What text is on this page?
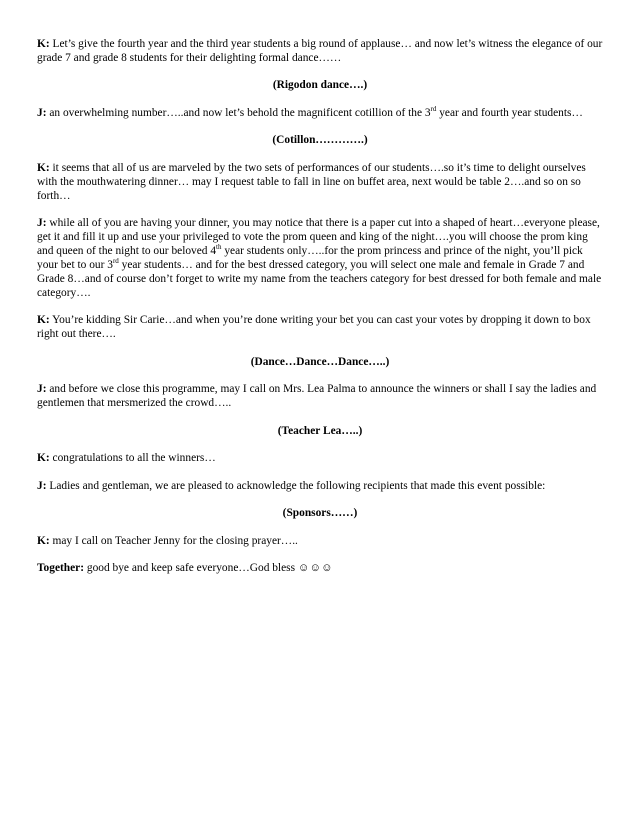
K: Let’s give the fourth year and the third year students a big round of applause… and now let’s witness the elegance of our grade 7 and grade 8 students for their delighting formal dance……

(Rigodon dance….)

J: an overwhelming number…..and now let’s behold the magnificent cotillion of the 3rd year and fourth year students…

(Cotillon………….)

K: it seems that all of us are marveled by the two sets of performances of our students….so it’s time to delight ourselves with the mouthwatering dinner… may I request table to fall in line on buffet area, next would be table 2….and so on so forth…

J: while all of you are having your dinner, you may notice that there is a paper cut into a shaped of heart…everyone please, get it and fill it up and use your privileged to vote the prom queen and king of the night….you will choose the prom king and queen of the night to our beloved 4th year students only…..for the prom princess and prince of the night, you’ll pick your bet to our 3rd year students… and for the best dressed category, you will select one male and female in Grade 7 and Grade 8…and of course don’t forget to write my name from the teachers category for best dressed for both female and male category….

K: You’re kidding Sir Carie…and when you’re done writing your bet you can cast your votes by dropping it down to box right out there….

(Dance…Dance…Dance…..)

J: and before we close this programme, may I call on Mrs. Lea Palma to announce the winners or shall I say the ladies and gentlemen that mersmerized the crowd…..

(Teacher Lea…..)

K: congratulations to all the winners…

J: Ladies and gentleman, we are pleased to acknowledge the following recipients that made this event possible:

(Sponsors……)

K: may I call on Teacher Jenny for the closing prayer…..

Together: good bye and keep safe everyone…God bless ☺☺☺
